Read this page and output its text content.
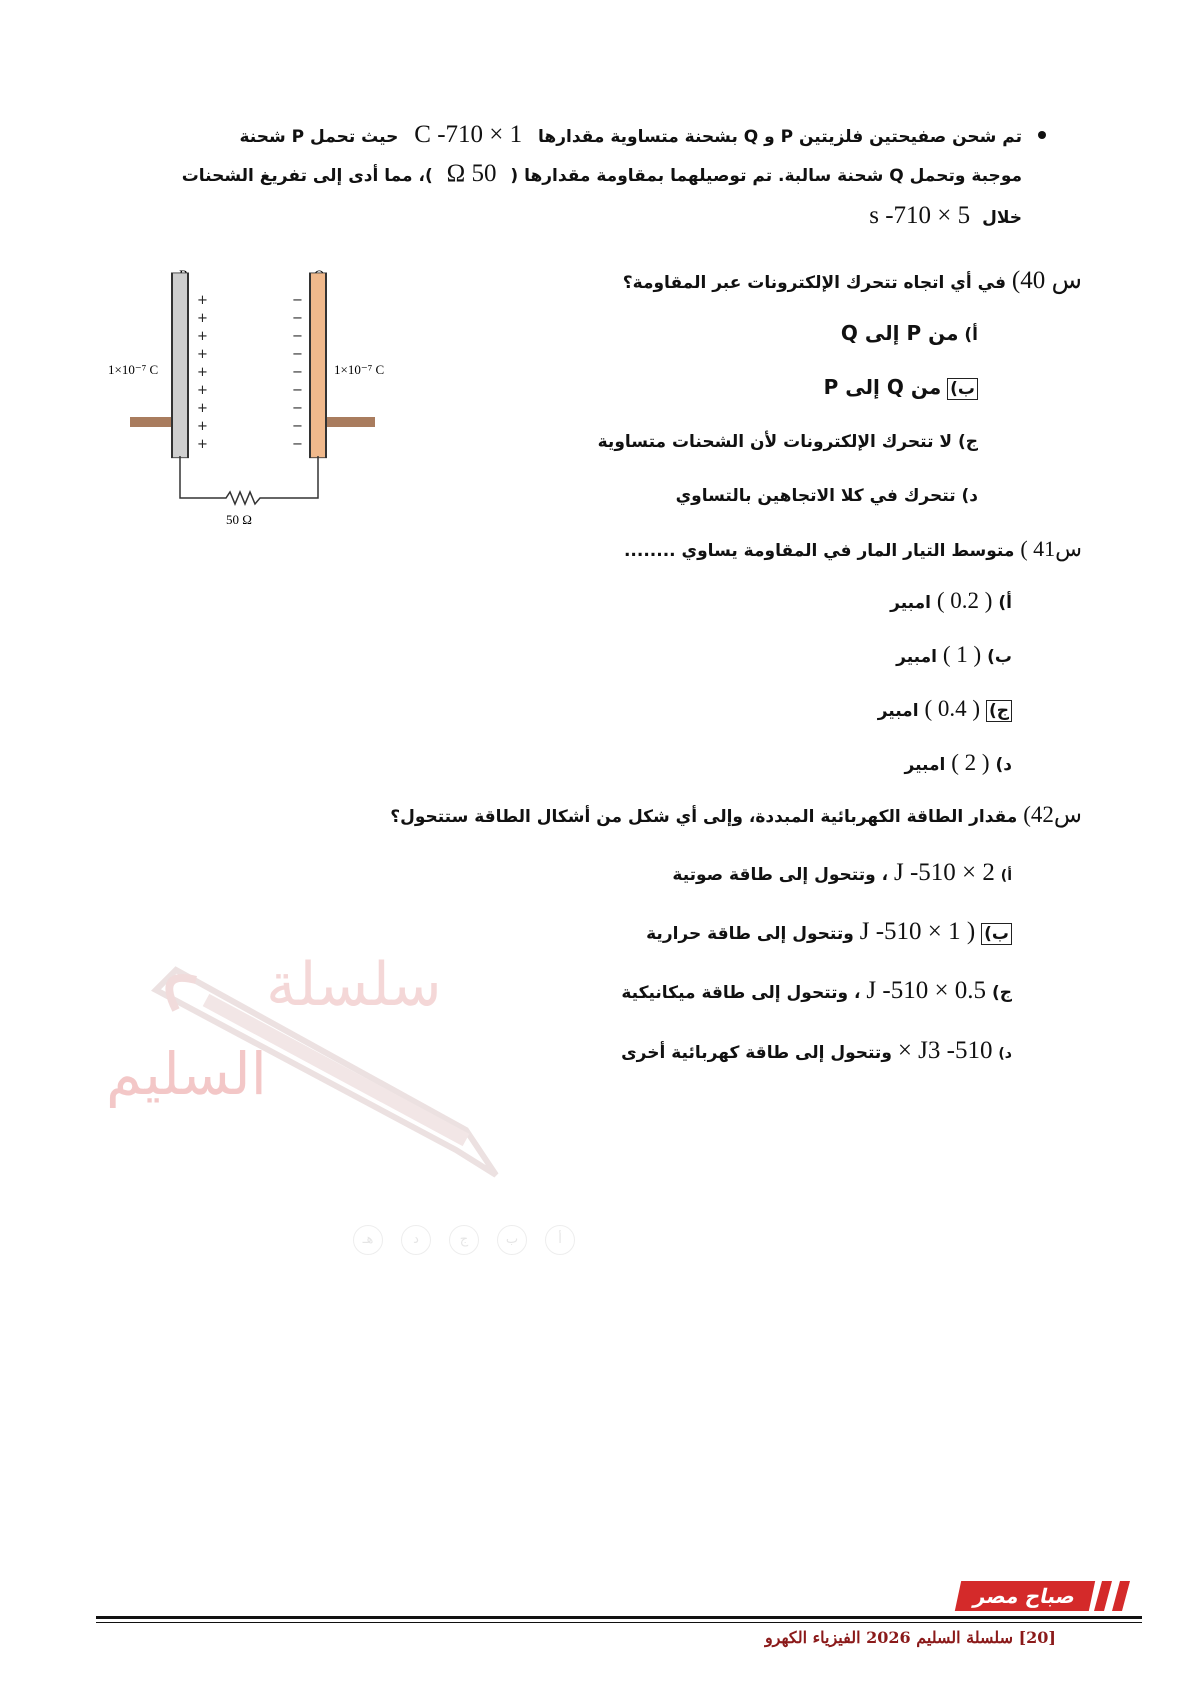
تم شحن صفيحتين فلزيتين P و Q بشحنة متساوية مقدارها C ‎-7‎10 × 1 حيث تحمل P شحنة
موجبة وتحمل Q شحنة سالبة. تم توصيلهما بمقاومة مقدارها ( Ω 50 )، مما أدى إلى تفريغ الشحنات
خلال s ‎-7‎10 × 5
+
+
+
+
+
+
+
+
+
−
−
−
−
−
−
−
−
−
1×10⁻⁷ C	1×10⁻⁷ C
50 Ω
س 40) في أي اتجاه تتحرك الإلكترونات عبر المقاومة؟
أ) من P إلى Q
ب) من Q إلى P
ج) لا تتحرك الإلكترونات لأن الشحنات متساوية
د) تتحرك في كلا الاتجاهين بالتساوي
س41 ) متوسط التيار المار في المقاومة يساوي ........
أ) ( 0.2 ) امبير
ب) ( 1 ) امبير
ج) ( 0.4 ) امبير
د) ( 2 ) امبير
س42) مقدار الطاقة الكهربائية المبددة، وإلى أي شكل من أشكال الطاقة ستتحول؟
أ) J ‎-5‎10 × 2 ، وتتحول إلى طاقة صوتية
ب) ( J ‎-5‎10 × 1 وتتحول إلى طاقة حرارية
ج) J ‎-5‎10 × 0.5 ، وتتحول إلى طاقة ميكانيكية
د) J3 ‎-5‎10 × وتتحول إلى طاقة كهربائية أخرى
سلسلة
السليم
هـ	د	ج	ب	أ
صباح مصر
[20] سلسلة السليم 2026 الفيزياء الكهرو
